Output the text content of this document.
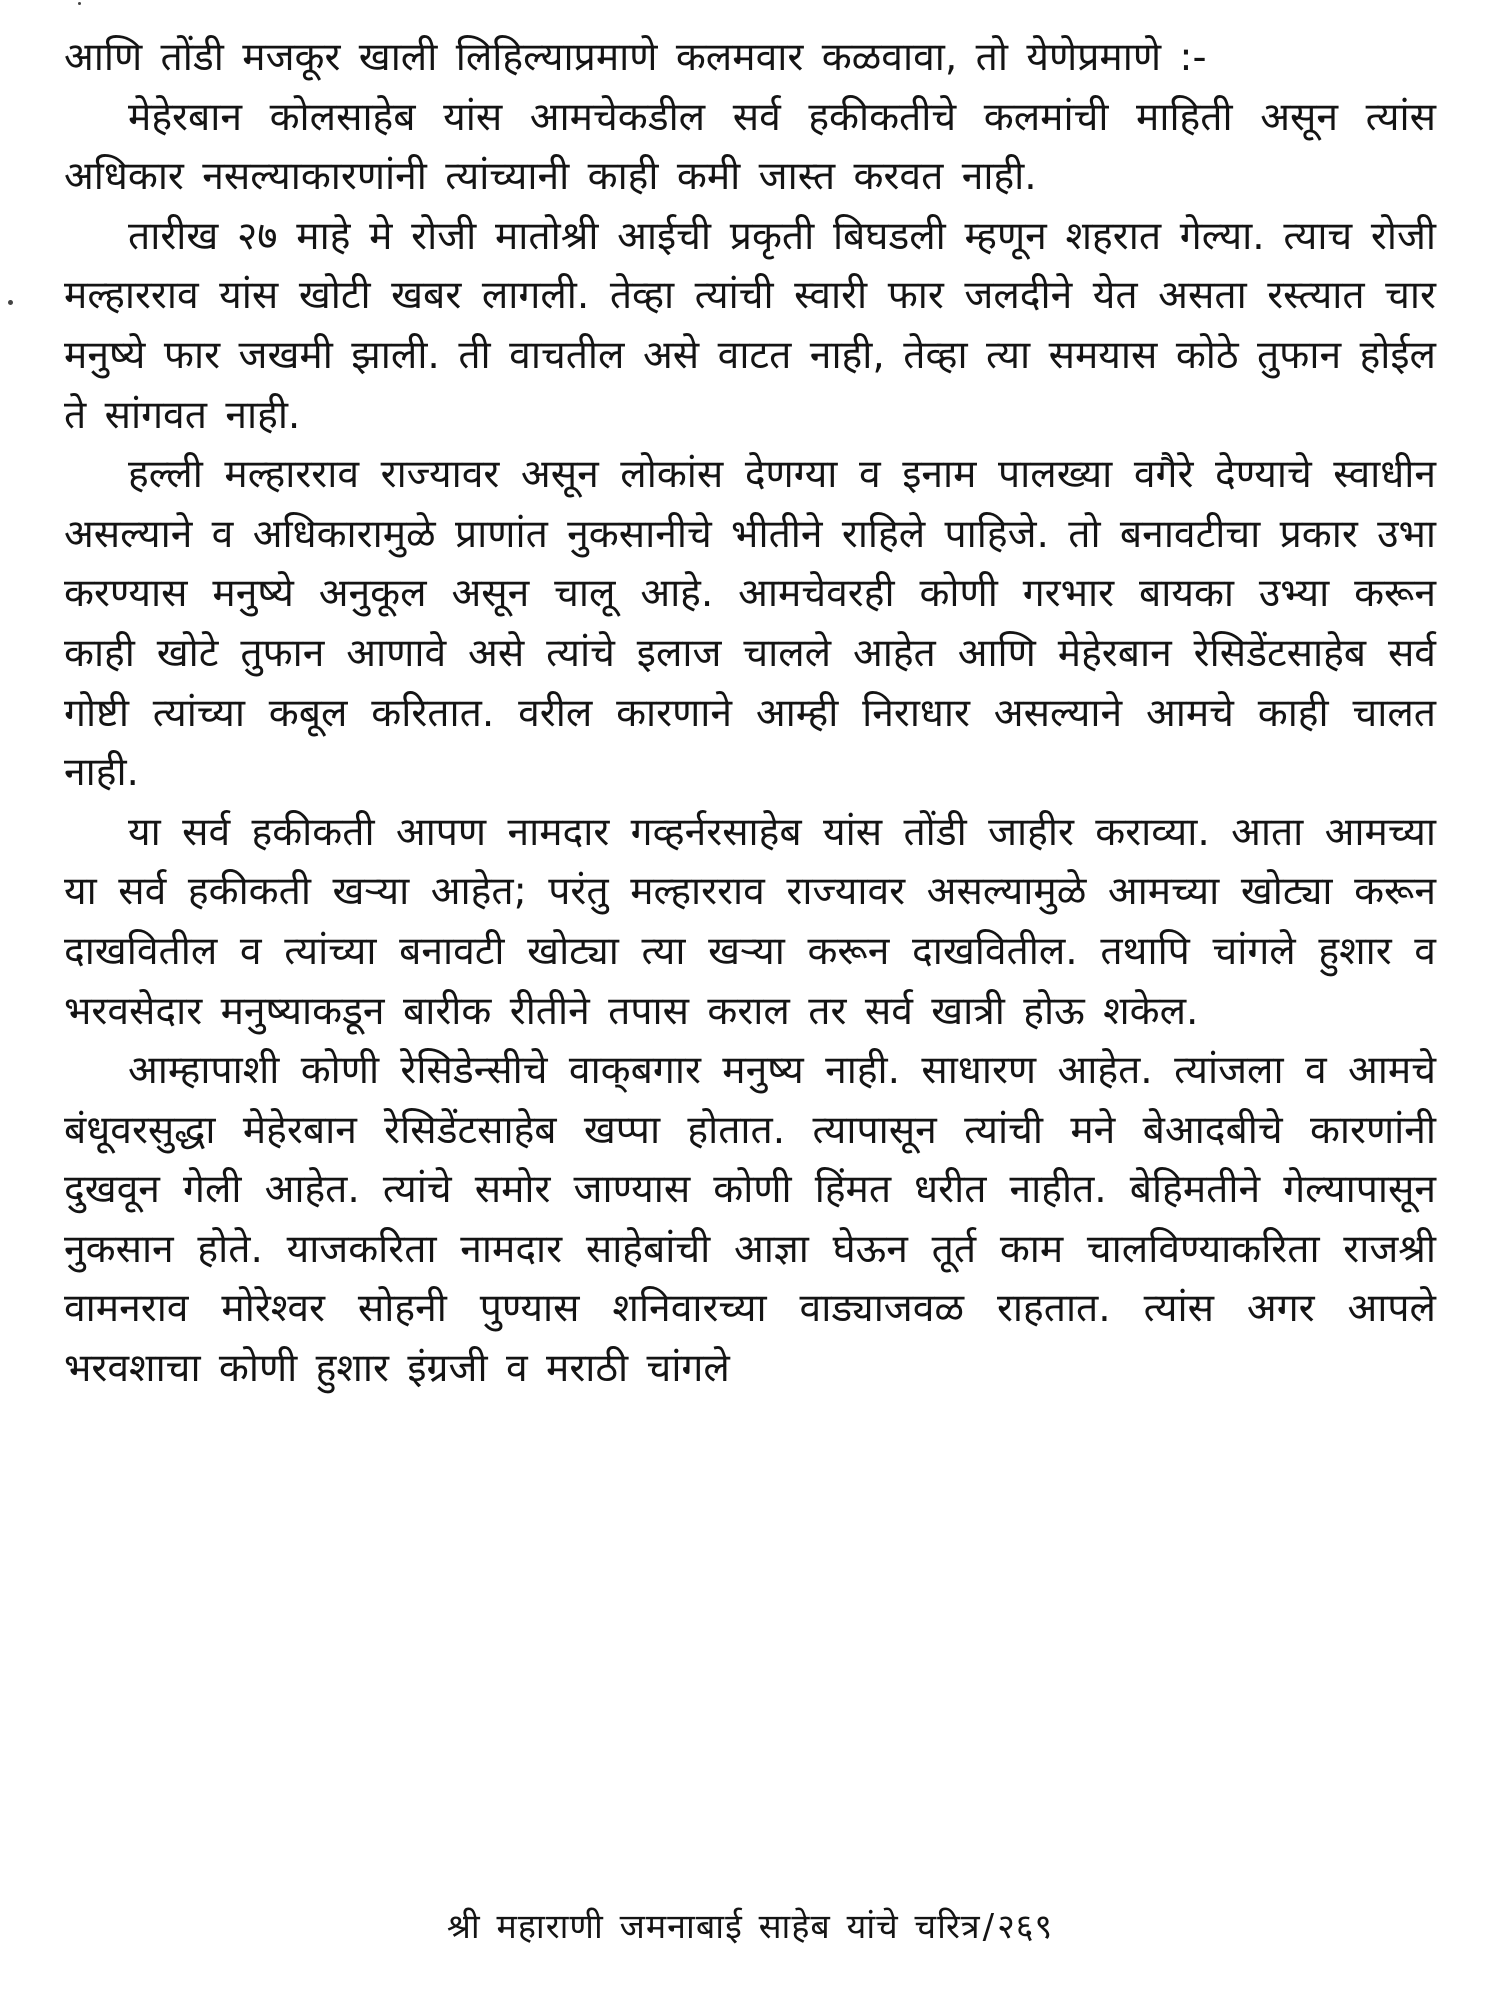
आणि तोंडी मजकूर खाली लिहिल्याप्रमाणे कलमवार कळवावा, तो येणेप्रमाणे :-

मेहेरबान कोलसाहेब यांस आमचेकडील सर्व हकीकतीचे कलमांची माहिती असून त्यांस अधिकार नसल्याकारणांनी त्यांच्यानी काही कमी जास्त करवत नाही.

तारीख २७ माहे मे रोजी मातोश्री आईची प्रकृती बिघडली म्हणून शहरात गेल्या. त्याच रोजी मल्हारराव यांस खोटी खबर लागली. तेव्हा त्यांची स्वारी फार जलदीने येत असता रस्त्यात चार मनुष्ये फार जखमी झाली. ती वाचतील असे वाटत नाही, तेव्हा त्या समयास कोठे तुफान होईल ते सांगवत नाही.

हल्ली मल्हारराव राज्यावर असून लोकांस देणग्या व इनाम पालख्या वगैरे देण्याचे स्वाधीन असल्याने व अधिकारामुळे प्राणांत नुकसानीचे भीतीने राहिले पाहिजे. तो बनावटीचा प्रकार उभा करण्यास मनुष्ये अनुकूल असून चालू आहे. आमचेवरही कोणी गरभार बायका उभ्या करून काही खोटे तुफान आणावे असे त्यांचे इलाज चालले आहेत आणि मेहेरबान रेसिडेंटसाहेब सर्व गोष्टी त्यांच्या कबूल करितात. वरील कारणाने आम्ही निराधार असल्याने आमचे काही चालत नाही.

या सर्व हकीकती आपण नामदार गव्हर्नरसाहेब यांस तोंडी जाहीर कराव्या. आता आमच्या या सर्व हकीकती खऱ्या आहेत; परंतु मल्हारराव राज्यावर असल्यामुळे आमच्या खोट्या करून दाखवितील व त्यांच्या बनावटी खोट्या त्या खऱ्या करून दाखवितील. तथापि चांगले हुशार व भरवसेदार मनुष्याकडून बारीक रीतीने तपास कराल तर सर्व खात्री होऊ शकेल.

आम्हापाशी कोणी रेसिडेन्सीचे वाक्‌बगार मनुष्य नाही. साधारण आहेत. त्यांजला व आमचे बंधूवरसुद्धा मेहेरबान रेसिडेंटसाहेब खप्पा होतात. त्यापासून त्यांची मने बेआदबीचे कारणांनी दुखवून गेली आहेत. त्यांचे समोर जाण्यास कोणी हिंमत धरीत नाहीत. बेहिमतीने गेल्यापासून नुकसान होते. याजकरिता नामदार साहेबांची आज्ञा घेऊन तूर्त काम चालविण्याकरिता राजश्री वामनराव मोरेश्वर सोहनी पुण्यास शनिवारच्या वाड्याजवळ राहतात. त्यांस अगर आपले भरवशाचा कोणी हुशार इंग्रजी व मराठी चांगले

श्री महाराणी जमनाबाई साहेब यांचे चरित्र/२६९
